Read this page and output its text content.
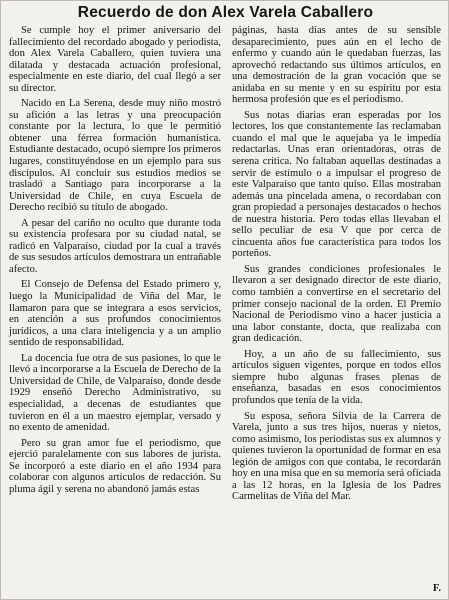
Recuerdo de don Alex Varela Caballero

Se cumple hoy el primer aniversario del fallecimiento del recordado abogado y periodista, don Alex Varela Caballero, quien tuviera una dilatada y destacada actuación profesional, especialmente en este diario, del cual llegó a ser su director.

Nacido en La Serena, desde muy niño mostró su afición a las letras y una preocupación constante por la lectura, lo que le permitió obtener una férrea formación humanística. Estudiante destacado, ocupó siempre los primeros lugares, constituyéndose en un ejemplo para sus discípulos. Al concluir sus estudios medios se trasladó a Santiago para incorporarse a la Universidad de Chile, en cuya Escuela de Derecho recibió su título de abogado.

A pesar del cariño no oculto que durante toda su existencia profesara por su ciudad natal, se radicó en Valparaíso, ciudad por la cual a través de sus sesudos artículos demostrara un entrañable afecto.

El Consejo de Defensa del Estado primero y, luego la Municipalidad de Viña del Mar, le llamaron para que se integrara a esos servicios, en atención a sus profundos conocimientos jurídicos, a una clara inteligencia y a un amplio sentido de responsabilidad.

La docencia fue otra de sus pasiones, lo que le llevó a incorporarse a la Escuela de Derecho de la Universidad de Chile, de Valparaíso, donde desde 1929 enseñó Derecho Administrativo, su especialidad, a decenas de estudiantes que tuvieron en él a un maestro ejemplar, versado y no exento de amenidad.

Pero su gran amor fue el periodismo, que ejerció paralelamente con sus labores de jurista. Se incorporó a este diario en el año 1934 para colaborar con algunos artículos de redacción. Su pluma ágil y serena no abandonó jamás estas

páginas, hasta días antes de su sensible desaparecimiento, pues aún en el lecho de enfermo y cuando aún le quedaban fuerzas, las aprovechó redactando sus últimos artículos, en una demostración de la gran vocación que se anidaba en su mente y en su espíritu por esta hermosa profesión que es el periodismo.

Sus notas diarias eran esperadas por los lectores, los que constantemente las reclamaban cuando el mal que le aquejaba ya le impedía redactarlas. Unas eran orientadoras, otras de serena crítica. No faltaban aquellas destinadas a servir de estímulo o a impulsar el progreso de este Valparaíso que tanto quiso. Ellas mostraban además una pincelada amena, o recordaban con gran propiedad a personajes destacados o hechos de nuestra historia. Pero todas ellas llevaban el sello peculiar de esa V que por cerca de cincuenta años fue característica para todos los porteños.

Sus grandes condiciones profesionales le llevaron a ser designado director de este diario, como también a convertirse en el secretario del primer consejo nacional de la orden. El Premio Nacional de Periodismo vino a hacer justicia a una labor constante, docta, que realizaba con gran dedicación.

Hoy, a un año de su fallecimiento, sus artículos siguen vigentes, porque en todos ellos siempre hubo algunas frases plenas de enseñanza, basadas en esos conocimientos profundos que tenía de la vida.

Su esposa, señora Silvia de la Carrera de Varela, junto a sus tres hijos, nueras y nietos, como asimismo, los periodistas sus ex alumnos y quienes tuvieron la oportunidad de formar en esa legión de amigos con que contaba, le recordarán hoy en una misa que en su memoria será oficiada a las 12 horas, en la Iglesia de los Padres Carmelitas de Viña del Mar.

F.
